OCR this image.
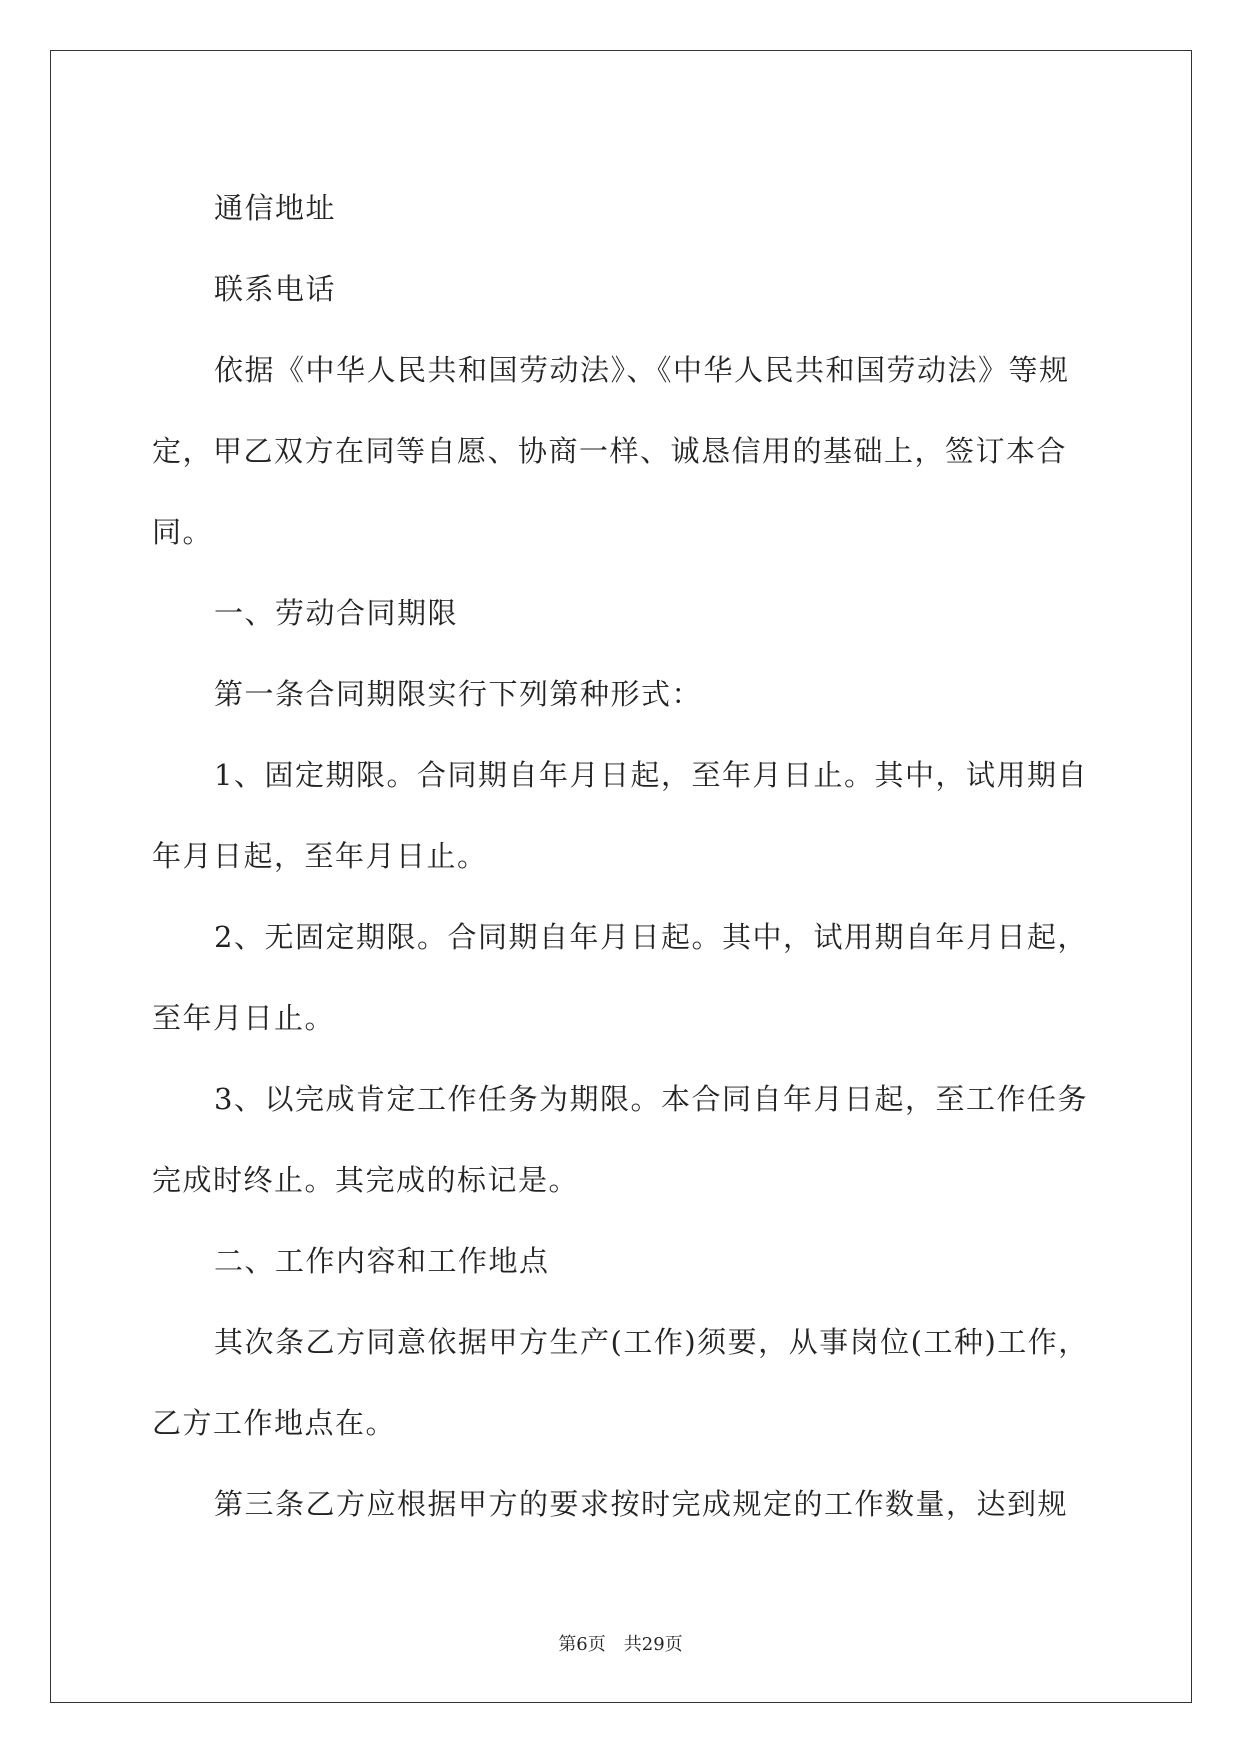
通信地址

联系电话

依据《中华人民共和国劳动法》、《中华人民共和国劳动法》等规定，甲乙双方在同等自愿、协商一样、诚恳信用的基础上，签订本合同。

一、劳动合同期限

第一条合同期限实行下列第种形式：

1、固定期限。合同期自年月日起，至年月日止。其中，试用期自年月日起，至年月日止。

2、无固定期限。合同期自年月日起。其中，试用期自年月日起，至年月日止。

3、以完成肯定工作任务为期限。本合同自年月日起，至工作任务完成时终止。其完成的标记是。

二、工作内容和工作地点

其次条乙方同意依据甲方生产(工作)须要，从事岗位(工种)工作，乙方工作地点在。

第三条乙方应根据甲方的要求按时完成规定的工作数量，达到规

第6页 共29页
